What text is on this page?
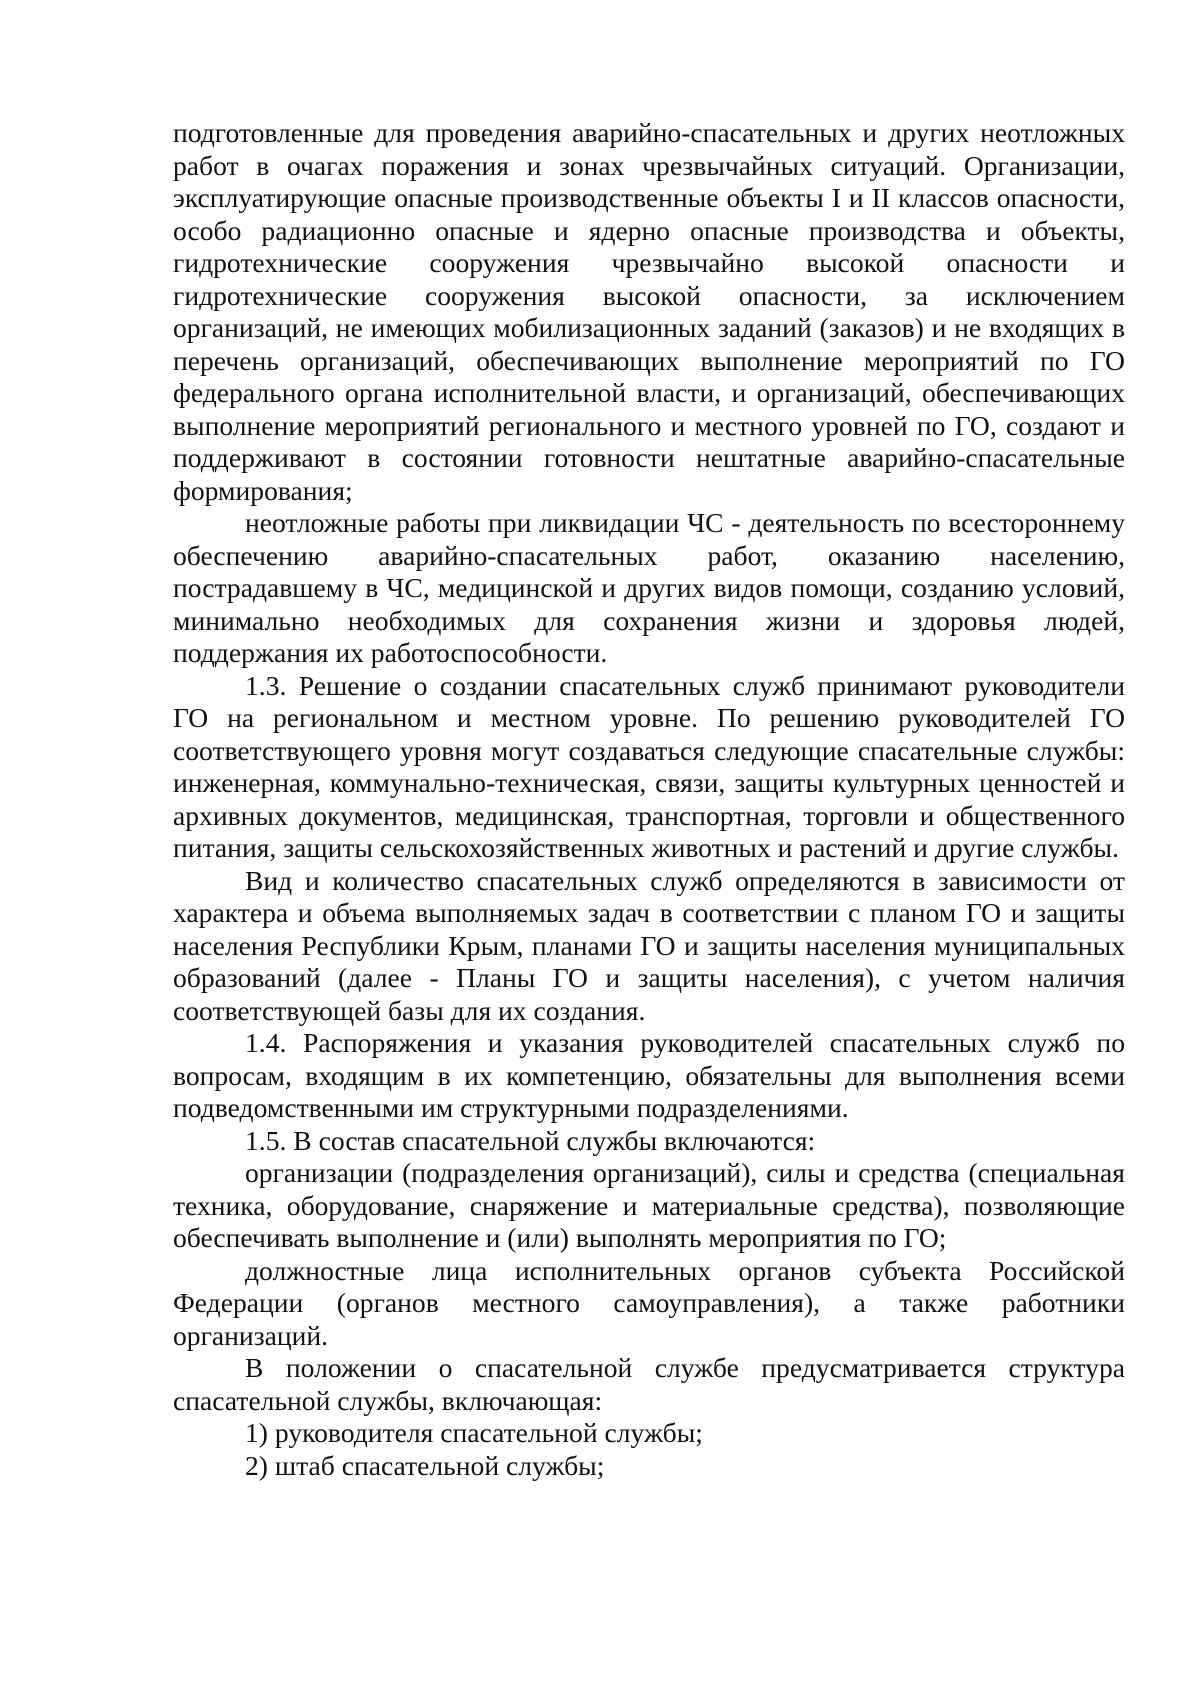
подготовленные для проведения аварийно-спасательных и других неотложных работ в очагах поражения и зонах чрезвычайных ситуаций. Организации, эксплуатирующие опасные производственные объекты I и II классов опасности, особо радиационно опасные и ядерно опасные производства и объекты, гидротехнические сооружения чрезвычайно высокой опасности и гидротехнические сооружения высокой опасности, за исключением организаций, не имеющих мобилизационных заданий (заказов) и не входящих в перечень организаций, обеспечивающих выполнение мероприятий по ГО федерального органа исполнительной власти, и организаций, обеспечивающих выполнение мероприятий регионального и местного уровней по ГО, создают и поддерживают в состоянии готовности нештатные аварийно-спасательные формирования;

неотложные работы при ликвидации ЧС - деятельность по всестороннему обеспечению аварийно-спасательных работ, оказанию населению, пострадавшему в ЧС, медицинской и других видов помощи, созданию условий, минимально необходимых для сохранения жизни и здоровья людей, поддержания их работоспособности.

1.3. Решение о создании спасательных служб принимают руководители ГО на региональном и местном уровне. По решению руководителей ГО соответствующего уровня могут создаваться следующие спасательные службы: инженерная, коммунально-техническая, связи, защиты культурных ценностей и архивных документов, медицинская, транспортная, торговли и общественного питания, защиты сельскохозяйственных животных и растений и другие службы.

Вид и количество спасательных служб определяются в зависимости от характера и объема выполняемых задач в соответствии с планом ГО и защиты населения Республики Крым, планами ГО и защиты населения муниципальных образований (далее - Планы ГО и защиты населения), с учетом наличия соответствующей базы для их создания.

1.4. Распоряжения и указания руководителей спасательных служб по вопросам, входящим в их компетенцию, обязательны для выполнения всеми подведомственными им структурными подразделениями.

1.5. В состав спасательной службы включаются:

организации (подразделения организаций), силы и средства (специальная техника, оборудование, снаряжение и материальные средства), позволяющие обеспечивать выполнение и (или) выполнять мероприятия по ГО;

должностные лица исполнительных органов субъекта Российской Федерации (органов местного самоуправления), а также работники организаций.

В положении о спасательной службе предусматривается структура спасательной службы, включающая:

1) руководителя спасательной службы;

2) штаб спасательной службы;
